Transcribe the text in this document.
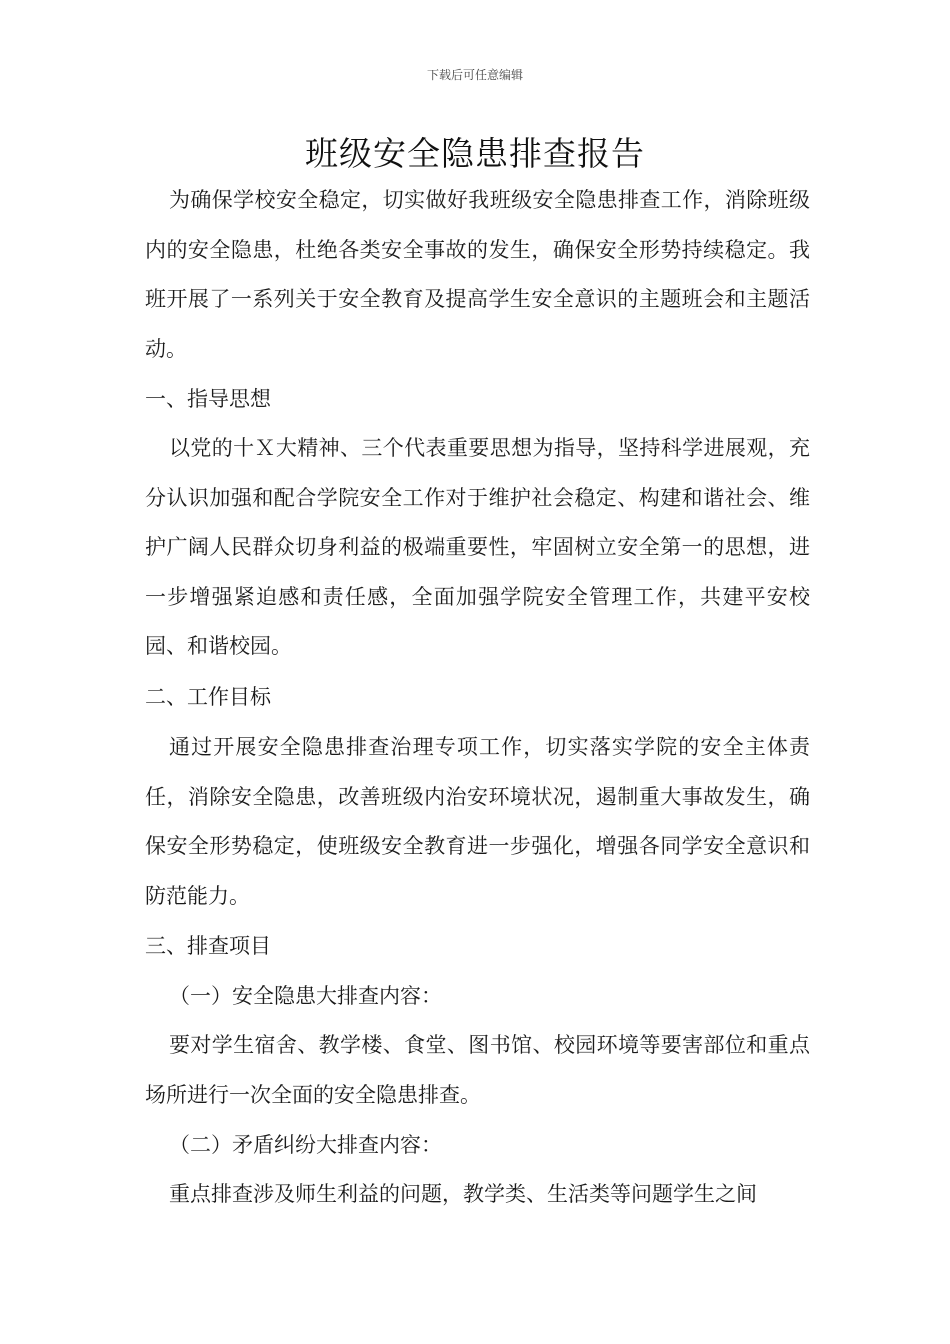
下载后可任意编辑
班级安全隐患排查报告

为确保学校安全稳定，切实做好我班级安全隐患排查工作，消除班级内的安全隐患，杜绝各类安全事故的发生，确保安全形势持续稳定。我班开展了一系列关于安全教育及提高学生安全意识的主题班会和主题活动。

一、指导思想

以党的十Ｘ大精神、三个代表重要思想为指导，坚持科学进展观，充分认识加强和配合学院安全工作对于维护社会稳定、构建和谐社会、维护广阔人民群众切身利益的极端重要性，牢固树立安全第一的思想，进一步增强紧迫感和责任感，全面加强学院安全管理工作，共建平安校园、和谐校园。

二、工作目标

通过开展安全隐患排查治理专项工作，切实落实学院的安全主体责任，消除安全隐患，改善班级内治安环境状况，遏制重大事故发生，确保安全形势稳定，使班级安全教育进一步强化，增强各同学安全意识和防范能力。

三、排查项目

（一）安全隐患大排查内容：

要对学生宿舍、教学楼、食堂、图书馆、校园环境等要害部位和重点场所进行一次全面的安全隐患排查。

（二）矛盾纠纷大排查内容：

重点排查涉及师生利益的问题，教学类、生活类等问题学生之间
